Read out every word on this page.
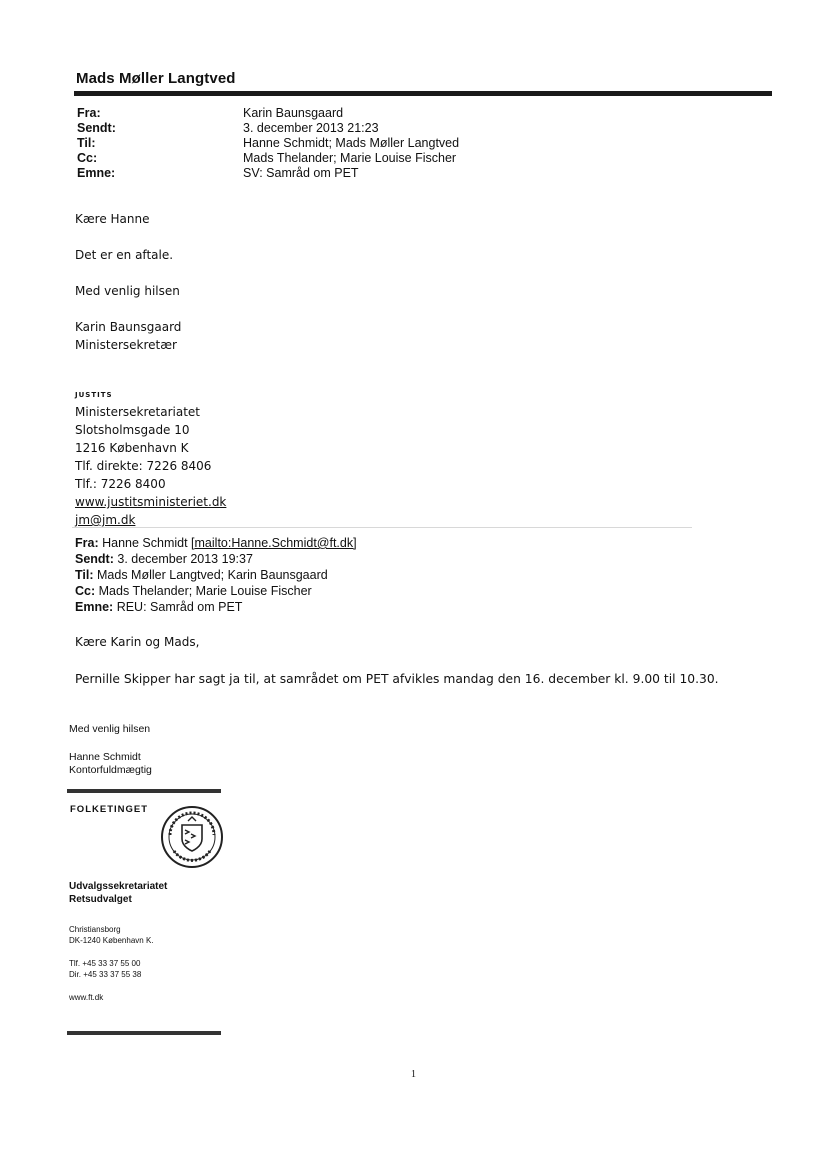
Mads Møller Langtved
Fra:	Karin Baunsgaard
Sendt:	3. december 2013 21:23
Til:	Hanne Schmidt; Mads Møller Langtved
Cc:	Mads Thelander; Marie Louise Fischer
Emne:	SV: Samråd om PET
Kære Hanne
Det er en aftale.
Med venlig hilsen
Karin Baunsgaard
Ministersekretær
JUSTITS
Ministersekretariatet
Slotsholmsgade 10
1216 København K
Tlf. direkte: 7226 8406
Tlf.: 7226 8400
www.justitsministeriet.dk
jm@jm.dk
Fra: Hanne Schmidt [mailto:Hanne.Schmidt@ft.dk]
Sendt: 3. december 2013 19:37
Til: Mads Møller Langtved; Karin Baunsgaard
Cc: Mads Thelander; Marie Louise Fischer
Emne: REU: Samråd om PET
Kære Karin og Mads,
Pernille Skipper har sagt ja til, at samrådet om PET afvikles mandag den 16. december kl. 9.00 til 10.30.
Med venlig hilsen
Hanne Schmidt
Kontorfuldmægtig
FOLKETINGET
Udvalgssekretariatet
Retsudvalget
Christiansborg
DK-1240 København K.
Tlf. +45 33 37 55 00
Dir. +45 33 37 55 38
www.ft.dk
1
